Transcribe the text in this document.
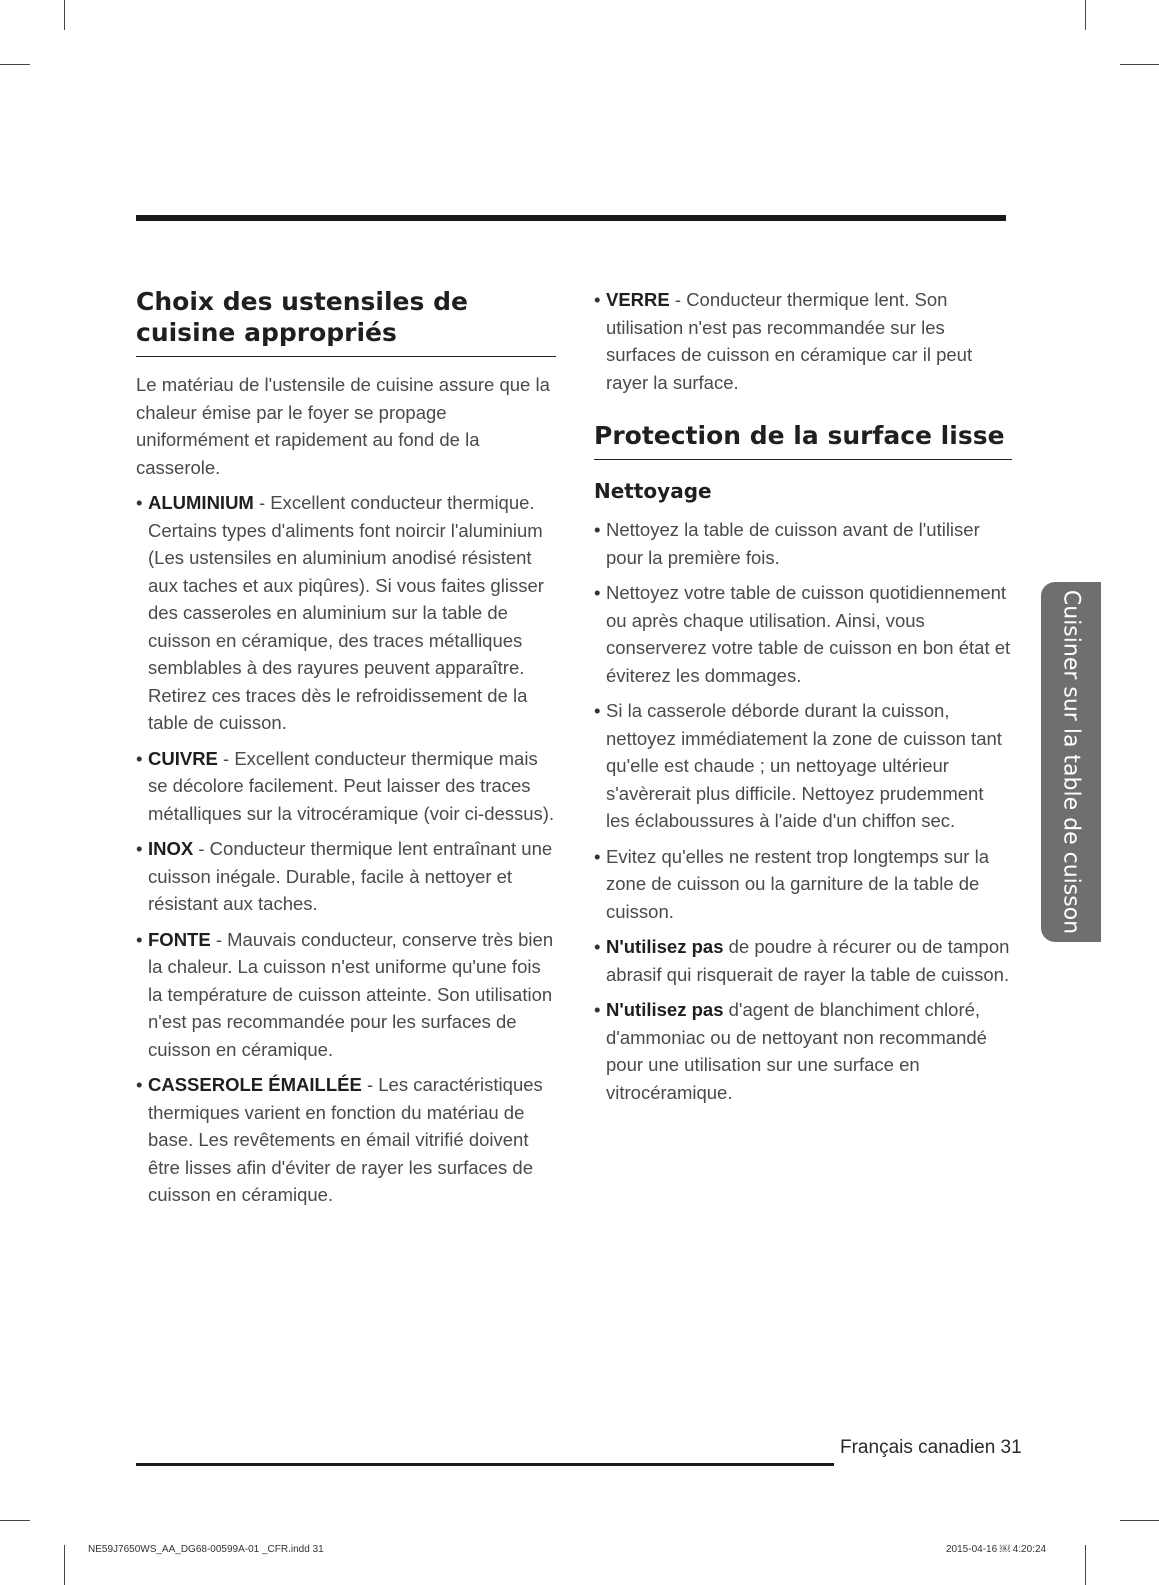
Choix des ustensiles de cuisine appropriés

Le matériau de l'ustensile de cuisine assure que la chaleur émise par le foyer se propage uniformément et rapidement au fond de la casserole.

• ALUMINIUM - Excellent conducteur thermique. Certains types d'aliments font noircir l'aluminium (Les ustensiles en aluminium anodisé résistent aux taches et aux piqûres). Si vous faites glisser des casseroles en aluminium sur la table de cuisson en céramique, des traces métalliques semblables à des rayures peuvent apparaître. Retirez ces traces dès le refroidissement de la table de cuisson.
• CUIVRE - Excellent conducteur thermique mais se décolore facilement. Peut laisser des traces métalliques sur la vitrocéramique (voir ci-dessus).
• INOX - Conducteur thermique lent entraînant une cuisson inégale. Durable, facile à nettoyer et résistant aux taches.
• FONTE - Mauvais conducteur, conserve très bien la chaleur. La cuisson n'est uniforme qu'une fois la température de cuisson atteinte. Son utilisation n'est pas recommandée pour les surfaces de cuisson en céramique.
• CASSEROLE ÉMAILLÉE - Les caractéristiques thermiques varient en fonction du matériau de base. Les revêtements en émail vitrifié doivent être lisses afin d'éviter de rayer les surfaces de cuisson en céramique.
• VERRE - Conducteur thermique lent. Son utilisation n'est pas recommandée sur les surfaces de cuisson en céramique car il peut rayer la surface.
Protection de la surface lisse
Nettoyage
• Nettoyez la table de cuisson avant de l'utiliser pour la première fois.
• Nettoyez votre table de cuisson quotidiennement ou après chaque utilisation. Ainsi, vous conserverez votre table de cuisson en bon état et éviterez les dommages.
• Si la casserole déborde durant la cuisson, nettoyez immédiatement la zone de cuisson tant qu'elle est chaude ; un nettoyage ultérieur s'avèrerait plus difficile. Nettoyez prudemment les éclaboussures à l'aide d'un chiffon sec.
• Evitez qu'elles ne restent trop longtemps sur la zone de cuisson ou la garniture de la table de cuisson.
• N'utilisez pas de poudre à récurer ou de tampon abrasif qui risquerait de rayer la table de cuisson.
• N'utilisez pas d'agent de blanchiment chloré, d'ammoniac ou de nettoyant non recommandé pour une utilisation sur une surface en vitrocéramique.
Cuisiner sur la table de cuisson
Français canadien 31
NE59J7650WS_AA_DG68-00599A-01 _CFR.indd 31	2015-04-16 ￼ 4:20:24
